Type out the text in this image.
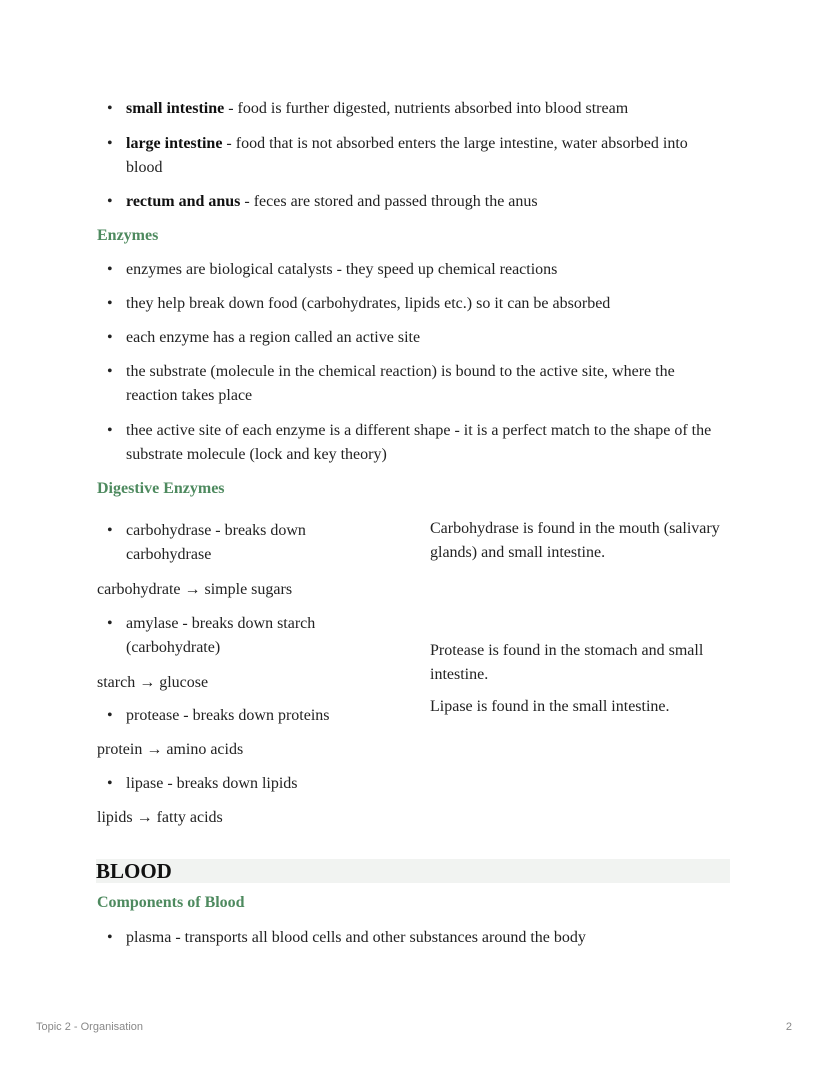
• small intestine - food is further digested, nutrients absorbed into blood stream
• large intestine - food that is not absorbed enters the large intestine, water absorbed into blood
• rectum and anus - feces are stored and passed through the anus
Enzymes
• enzymes are biological catalysts - they speed up chemical reactions
• they help break down food (carbohydrates, lipids etc.) so it can be absorbed
• each enzyme has a region called an active site
• the substrate (molecule in the chemical reaction) is bound to the active site, where the reaction takes place
• thee active site of each enzyme is a different shape - it is a perfect match to the shape of the substrate molecule (lock and key theory)
Digestive Enzymes
• carbohydrase - breaks down carbohydrase
carbohydrate → simple sugars
• amylase - breaks down starch (carbohydrate)
starch → glucose
• protease - breaks down proteins
protein → amino acids
• lipase - breaks down lipids
lipids → fatty acids
Carbohydrase is found in the mouth (salivary glands) and small intestine.
Protease is found in the stomach and small intestine.
Lipase is found in the small intestine.
BLOOD
Components of Blood
• plasma - transports all blood cells and other substances around the body
Topic 2 - Organisation	2
